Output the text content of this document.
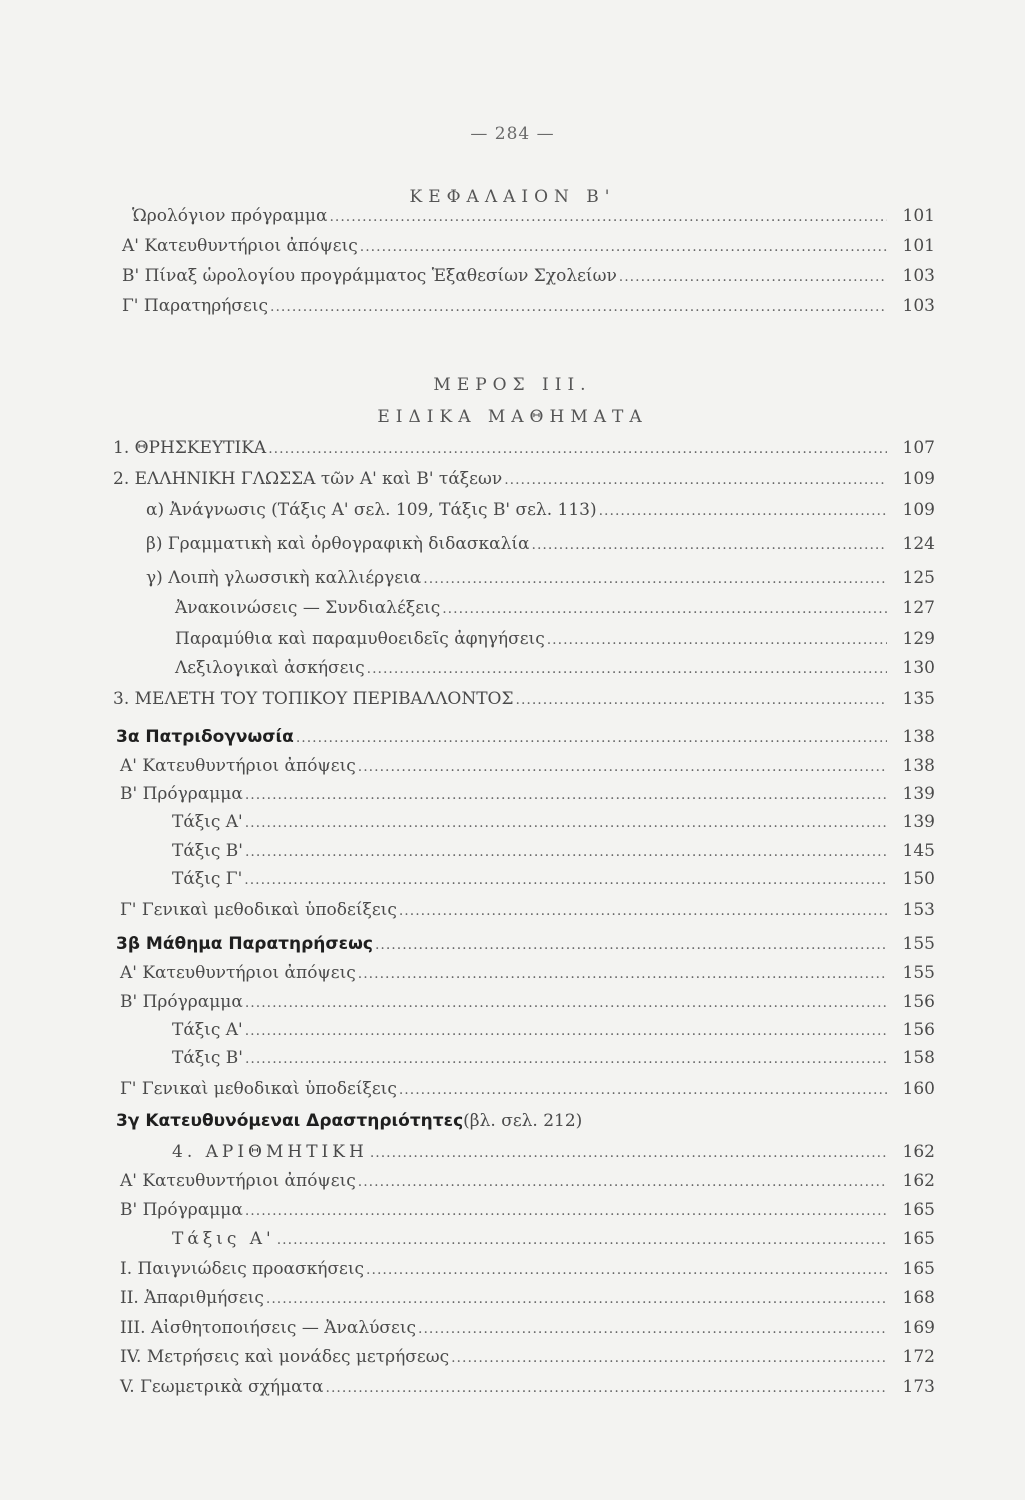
— 284 —
ΚΕΦΑΛΑΙΟΝ Β'
Ὡρολόγιον πρόγραμμα .....	101
Α' Κατευθυντήριοι ἀπόψεις .....	101
Β' Πίναξ ὡρολογίου προγράμματος Ἑξαθεσίων Σχολείων .....	103
Γ' Παρατηρήσεις .....	103
ΜΕΡΟΣ ΙΙΙ.
ΕΙΔΙΚΑ ΜΑΘΗΜΑΤΑ
1. ΘΡΗΣΚΕΥΤΙΚΑ .....	107
2. ΕΛΛΗΝΙΚΗ ΓΛΩΣΣΑ τῶν Α' καὶ Β' τάξεων .....	109
α) Ἀνάγνωσις (Τάξις Α' σελ. 109, Τάξις Β' σελ. 113) .....	109
β) Γραμματικὴ καὶ ὀρθογραφικὴ διδασκαλία .....	124
γ) Λοιπὴ γλωσσικὴ καλλιέργεια .....	125
Ἀνακοινώσεις — Συνδιαλέξεις .....	127
Παραμύθια καὶ παραμυθοειδεῖς ἀφηγήσεις .....	129
Λεξιλογικαὶ ἀσκήσεις .....	130
3. ΜΕΛΕΤΗ ΤΟΥ ΤΟΠΙΚΟΥ ΠΕΡΙΒΑΛΛΟΝΤΟΣ .....	135
3α Πατριδογνωσία .....	138
Α' Κατευθυντήριοι ἀπόψεις .....	138
Β' Πρόγραμμα .....	139
Τάξις Α' .....	139
Τάξις Β' .....	145
Τάξις Γ' .....	150
Γ' Γενικαὶ μεθοδικαὶ ὑποδείξεις .....	153
3β Μάθημα Παρατηρήσεως .....	155
Α' Κατευθυντήριοι ἀπόψεις .....	155
Β' Πρόγραμμα .....	156
Τάξις Α' .....	156
Τάξις Β' .....	158
Γ' Γενικαὶ μεθοδικαὶ ὑποδείξεις .....	160
3γ Κατευθυνόμεναι Δραστηριότητες (βλ. σελ. 212)
4. ΑΡΙΘΜΗΤΙΚΗ .....	162
Α' Κατευθυντήριοι ἀπόψεις .....	162
Β' Πρόγραμμα .....	165
Τάξις Α' .....	165
Ι. Παιγνιώδεις προασκήσεις .....	165
ΙΙ. Ἀπαριθμήσεις .....	168
ΙΙΙ. Αἰσθητοποιήσεις — Ἀναλύσεις .....	169
ΙV. Μετρήσεις καὶ μονάδες μετρήσεως .....	172
V. Γεωμετρικὰ σχήματα .....	173
